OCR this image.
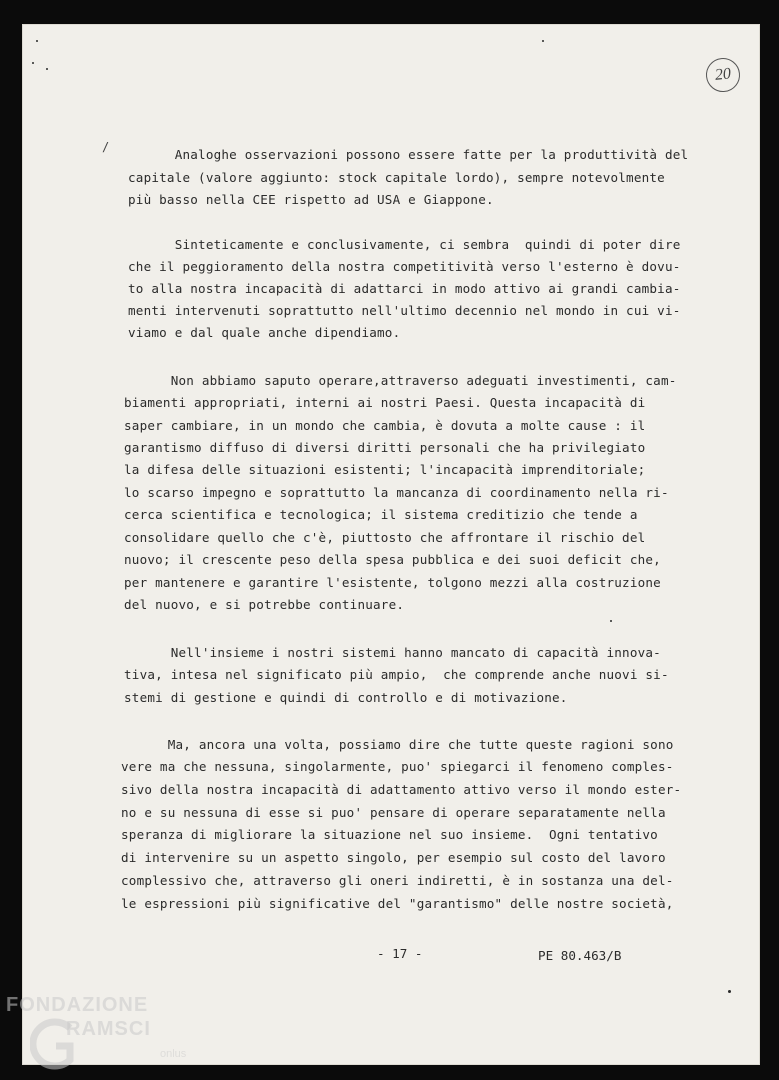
20
/ Analoghe osservazioni possono essere fatte per la produttività del
capitale (valore aggiunto: stock capitale lordo), sempre notevolmente
più basso nella CEE rispetto ad USA e Giappone.
Sinteticamente e conclusivamente, ci sembra  quindi di poter dire
che il peggioramento della nostra competitività verso l'esterno è dovu-
to alla nostra incapacità di adattarci in modo attivo ai grandi cambia-
menti intervenuti soprattutto nell'ultimo decennio nel mondo in cui vi-
viamo e dal quale anche dipendiamo.
Non abbiamo saputo operare,attraverso adeguati investimenti, cam-
biamenti appropriati, interni ai nostri Paesi. Questa incapacità di
saper cambiare, in un mondo che cambia, è dovuta a molte cause : il
garantismo diffuso di diversi diritti personali che ha privilegiato
la difesa delle situazioni esistenti; l'incapacità imprenditoriale;
lo scarso impegno e soprattutto la mancanza di coordinamento nella ri-
cerca scientifica e tecnologica; il sistema creditizio che tende a
consolidare quello che c'è, piuttosto che affrontare il rischio del
nuovo; il crescente peso della spesa pubblica e dei suoi deficit che,
per mantenere e garantire l'esistente, tolgono mezzi alla costruzione
del nuovo, e si potrebbe continuare.
Nell'insieme i nostri sistemi hanno mancato di capacità innova-
tiva, intesa nel significato più ampio,  che comprende anche nuovi si-
stemi di gestione e quindi di controllo e di motivazione.
Ma, ancora una volta, possiamo dire che tutte queste ragioni sono
vere ma che nessuna, singolarmente, puo' spiegarci il fenomeno comples-
sivo della nostra incapacità di adattamento attivo verso il mondo ester-
no e su nessuna di esse si puo' pensare di operare separatamente nella
speranza di migliorare la situazione nel suo insieme.  Ogni tentativo
di intervenire su un aspetto singolo, per esempio sul costo del lavoro
complessivo che, attraverso gli oneri indiretti, è in sostanza una del-
le espressioni più significative del "garantismo" delle nostre società,
- 17 -	PE 80.463/B
FONDAZIONE
RAMSCI
onlus
